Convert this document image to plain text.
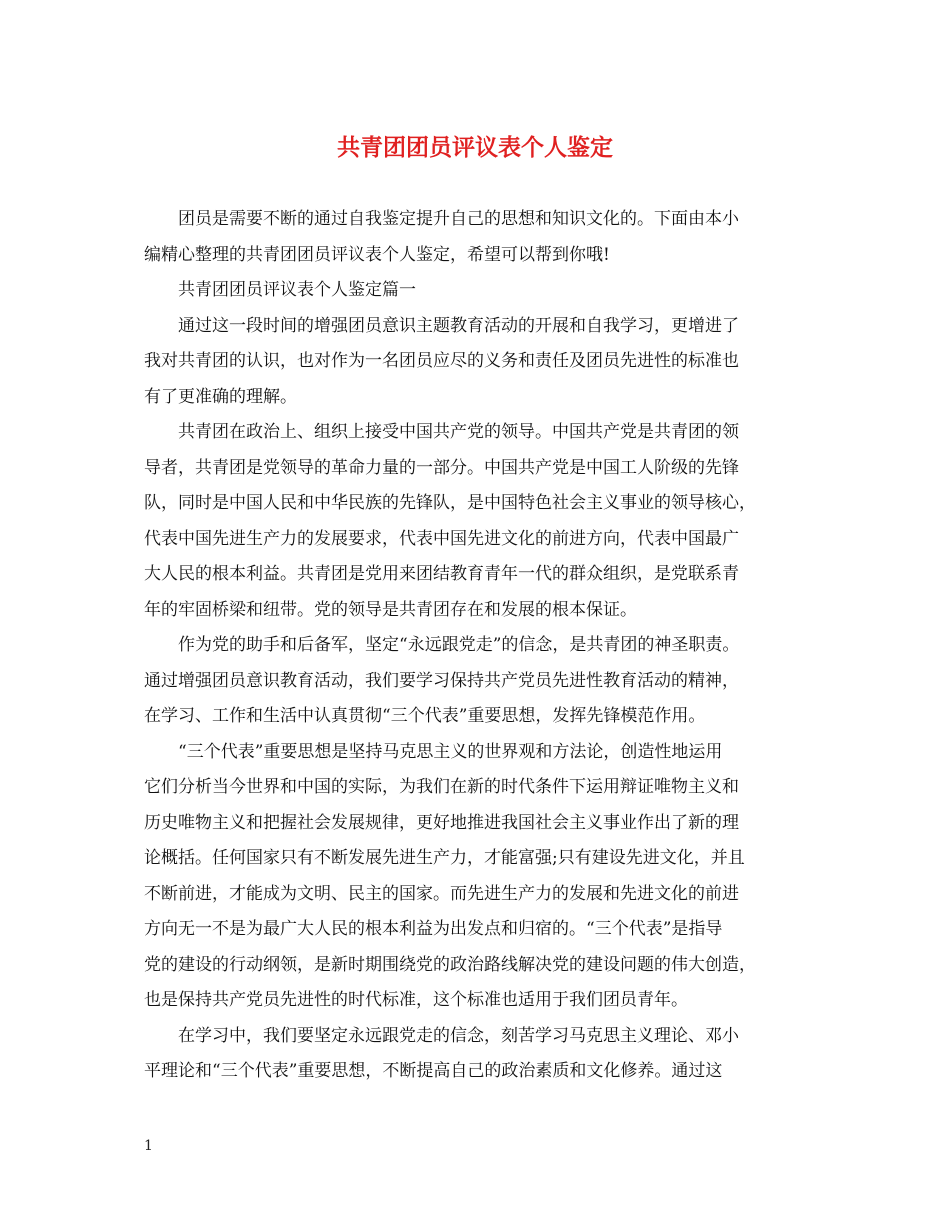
共青团团员评议表个人鉴定
　　团员是需要不断的通过自我鉴定提升自己的思想和知识文化的。下面由本小
编精心整理的共青团团员评议表个人鉴定，希望可以帮到你哦!
　　共青团团员评议表个人鉴定篇一
　　通过这一段时间的增强团员意识主题教育活动的开展和自我学习，更增进了
我对共青团的认识，也对作为一名团员应尽的义务和责任及团员先进性的标准也
有了更准确的理解。
　　共青团在政治上、组织上接受中国共产党的领导。中国共产党是共青团的领
导者，共青团是党领导的革命力量的一部分。中国共产党是中国工人阶级的先锋
队，同时是中国人民和中华民族的先锋队，是中国特色社会主义事业的领导核心，
代表中国先进生产力的发展要求，代表中国先进文化的前进方向，代表中国最广
大人民的根本利益。共青团是党用来团结教育青年一代的群众组织，是党联系青
年的牢固桥梁和纽带。党的领导是共青团存在和发展的根本保证。
　　作为党的助手和后备军，坚定“永远跟党走”的信念，是共青团的神圣职责。
通过增强团员意识教育活动，我们要学习保持共产党员先进性教育活动的精神，
在学习、工作和生活中认真贯彻“三个代表”重要思想，发挥先锋模范作用。
　　“三个代表”重要思想是坚持马克思主义的世界观和方法论，创造性地运用
它们分析当今世界和中国的实际，为我们在新的时代条件下运用辩证唯物主义和
历史唯物主义和把握社会发展规律，更好地推进我国社会主义事业作出了新的理
论概括。任何国家只有不断发展先进生产力，才能富强;只有建设先进文化，并且
不断前进，才能成为文明、民主的国家。而先进生产力的发展和先进文化的前进
方向无一不是为最广大人民的根本利益为出发点和归宿的。“三个代表”是指导
党的建设的行动纲领，是新时期围绕党的政治路线解决党的建设问题的伟大创造，
也是保持共产党员先进性的时代标准，这个标准也适用于我们团员青年。
　　在学习中，我们要坚定永远跟党走的信念，刻苦学习马克思主义理论、邓小
平理论和“三个代表”重要思想，不断提高自己的政治素质和文化修养。通过这
1
